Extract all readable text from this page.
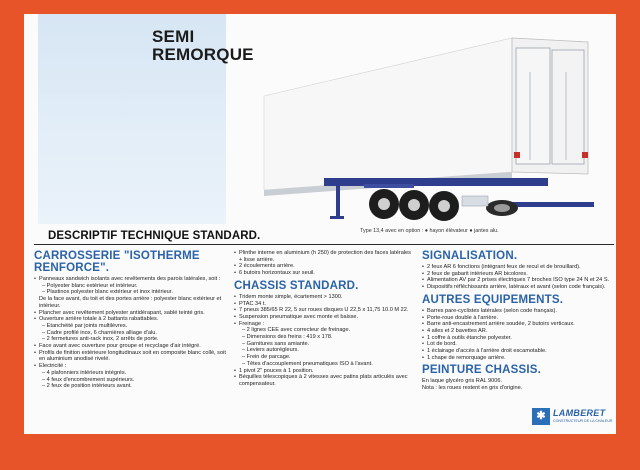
SEMI
REMORQUE
Type 13,4 avec en option : ● hayon élévateur ● jantes alu.
DESCRIPTIF TECHNIQUE STANDARD.
CARROSSERIE "ISOTHERME
RENFORCE".
• Panneaux sandwich isolants avec revêtements des parois latérales, soit :
– Polyester blanc extérieur et intérieur.
– Plastinox polyester blanc extérieur et inox intérieur.
De la face avant, du toit et des portes arrière : polyester blanc extérieur et intérieur.
• Plancher avec revêtement polyester antidérapant, sablé teinté gris.
• Ouverture arrière totale à 2 battants rabattables.
– Etanchéité par joints multilèvres.
– Cadre profilé inox, 6 charnières alliage d'alu.
– 2 fermetures anti-rack inox, 2 arrêts de porte.
• Face avant avec ouverture pour groupe et recyclage d'air intégré.
• Profils de finition extérieure longitudinaux soit en composite blanc collé, soit en aluminium anodisé rivelé.
• Electricité :
– 4 plafonniers intérieurs intégrés.
– 4 feux d'encombrement supérieurs.
– 2 feux de position intérieurs avant.
• Plinthe interne en aluminium (h 250) de protection des faces latérales + lisse arrière.
• 2 écoulements arrière.
• 6 butoirs horizontaux sur seuil.
CHASSIS STANDARD.
• Tridem monte simple, écartement > 1300.
• PTAC 34 t.
• 7 pneus 385/65 R 22, 5 sur roues disques U 22,5 x 11,75 10.0 M 22.
• Suspension pneumatique avec monte et baisse.
• Freinage :
– 2 lignes CEE avec correcteur de freinage.
– Dimensions des freins : 419 x 178.
– Garnitures sans amiante.
– Leviers autorégleurs.
– Frein de parcage.
– Têtes d'accouplement pneumatiques ISO à l'avant.
• 1 pivot 2" pouces à 1 position.
• Béquilles télescopiques à 2 vitesses avec patins plats articulés avec compensateur.
SIGNALISATION.
• 2 feux AR 6 fonctions (intégrant feux de recul et de brouillard).
• 2 feux de gabarit intérieurs AR bicolores.
• Alimentation AV par 2 prises électriques 7 broches ISO type 24 N et 24 S.
• Dispositifs réfléchissants arrière, latéraux et avant (selon code français).
AUTRES EQUIPEMENTS.
• Barres pare-cyclistes latérales (selon code français).
• Porte-roue double à l'arrière.
• Barre anti-encastrement arrière soudée, 2 butoirs verticaux.
• 4 ailes et 2 bavettes AR.
• 1 coffre à outils étanche polyester.
• Lot de bord.
• 1 éclairage d'accès à l'arrière droit escamotable.
• 1 chape de remorquage arrière.
PEINTURE CHASSIS.
En laque glycéro gris RAL 9006.
Nota : les roues restent en gris d'origine.
✱ LAMBERET
CONSTRUCTEUR DE LA CHALEUR
